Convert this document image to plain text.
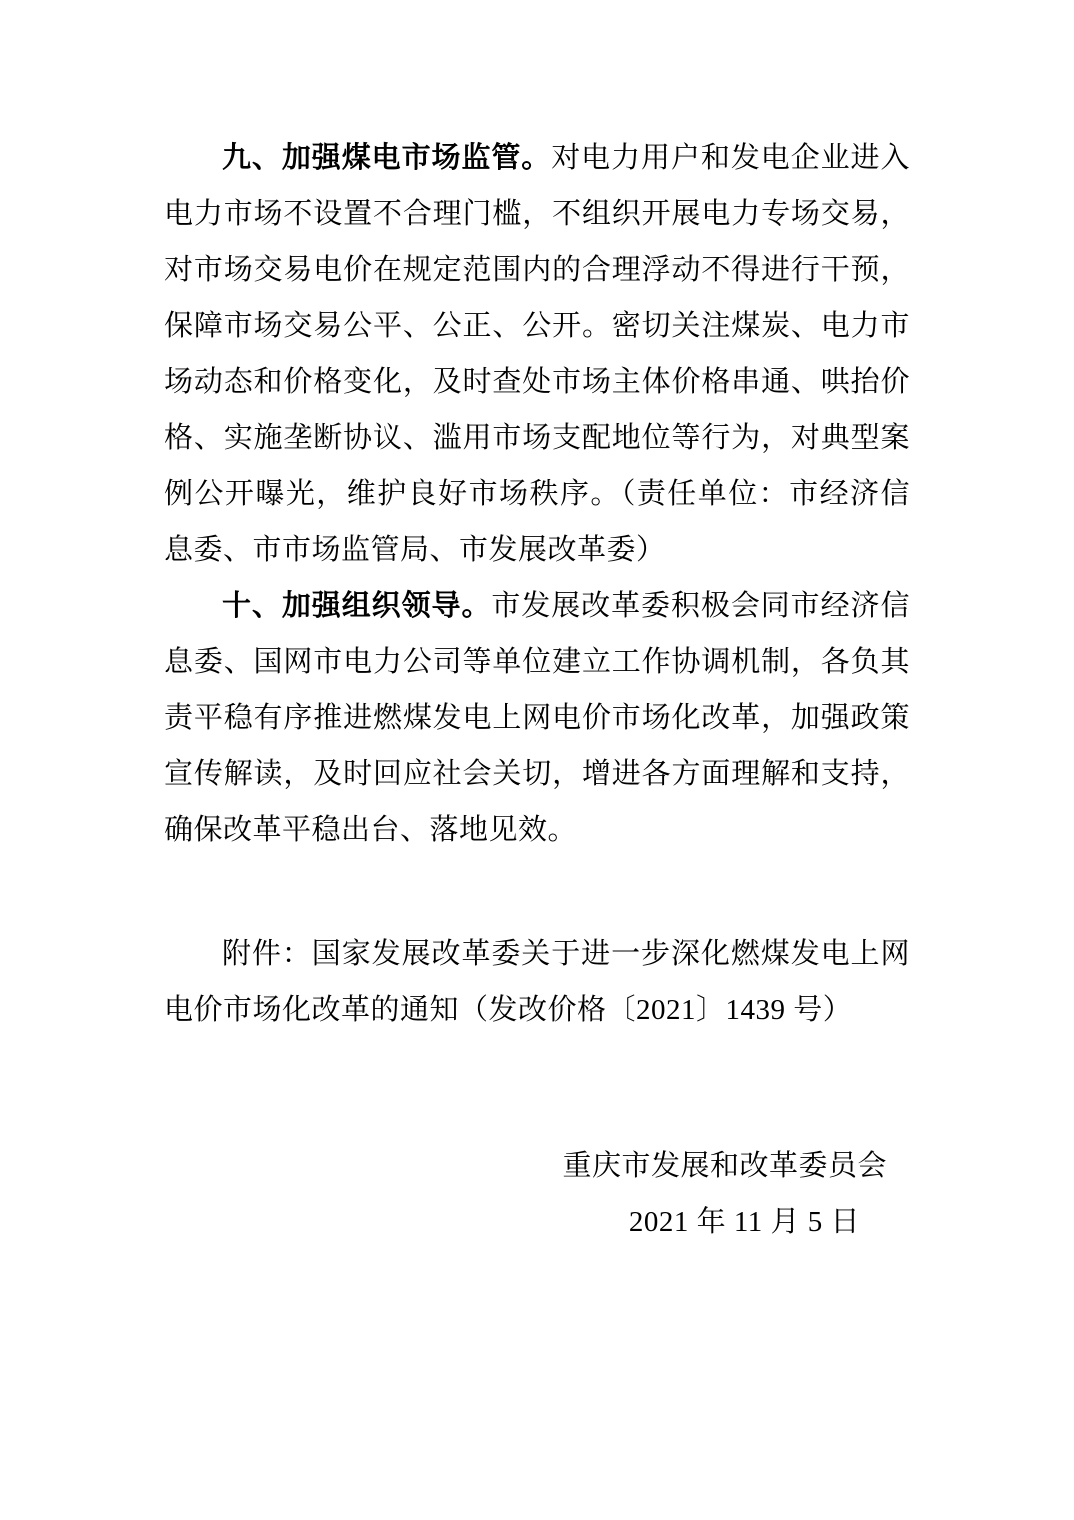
九、加强煤电市场监管。对电力用户和发电企业进入电力市场不设置不合理门槛，不组织开展电力专场交易，对市场交易电价在规定范围内的合理浮动不得进行干预，保障市场交易公平、公正、公开。密切关注煤炭、电力市场动态和价格变化，及时查处市场主体价格串通、哄抬价格、实施垄断协议、滥用市场支配地位等行为，对典型案例公开曝光，维护良好市场秩序。（责任单位：市经济信息委、市市场监管局、市发展改革委）

十、加强组织领导。市发展改革委积极会同市经济信息委、国网市电力公司等单位建立工作协调机制，各负其责平稳有序推进燃煤发电上网电价市场化改革，加强政策宣传解读，及时回应社会关切，增进各方面理解和支持，确保改革平稳出台、落地见效。

附件：国家发展改革委关于进一步深化燃煤发电上网电价市场化改革的通知（发改价格〔2021〕1439 号）

重庆市发展和改革委员会

2021 年 11 月 5 日
